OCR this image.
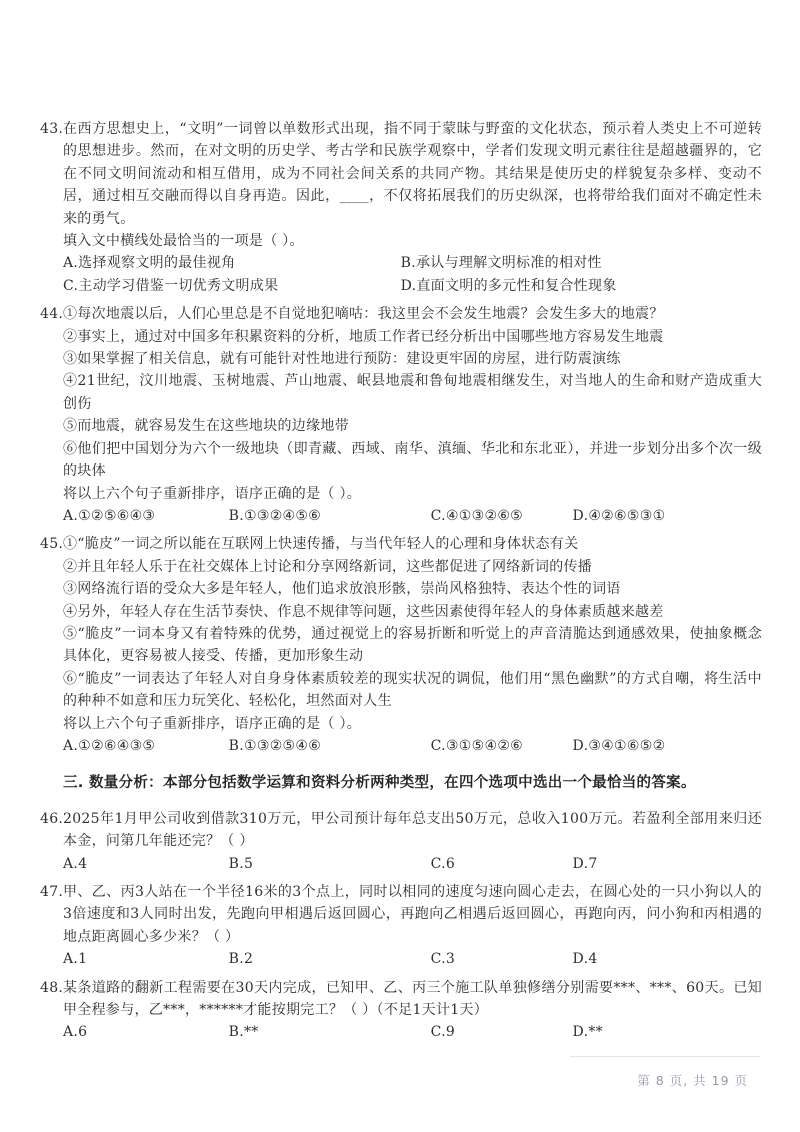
43. 在西方思想史上，“文明”一词曾以单数形式出现，指不同于蒙昧与野蛮的文化状态，预示着人类史上不可逆转的思想进步。然而，在对文明的历史学、考古学和民族学观察中，学者们发现文明元素往往是超越疆界的，它在不同文明间流动和相互借用，成为不同社会间关系的共同产物。其结果是使历史的样貌复杂多样、变动不居，通过相互交融而得以自身再造。因此，____，不仅将拓展我们的历史纵深，也将带给我们面对不确定性未来的勇气。

填入文中横线处最恰当的一项是（ ）。

A.选择观察文明的最佳视角	B.承认与理解文明标准的相对性
C.主动学习借鉴一切优秀文明成果	D.直面文明的多元性和复合性现象
44. ①每次地震以后，人们心里总是不自觉地犯嘀咕：我这里会不会发生地震？会发生多大的地震？

②事实上，通过对中国多年积累资料的分析，地质工作者已经分析出中国哪些地方容易发生地震

③如果掌握了相关信息，就有可能针对性地进行预防：建设更牢固的房屋，进行防震演练

④21世纪，汶川地震、玉树地震、芦山地震、岷县地震和鲁甸地震相继发生，对当地人的生命和财产造成重大创伤

⑤而地震，就容易发生在这些地块的边缘地带

⑥他们把中国划分为六个一级地块（即青藏、西域、南华、滇缅、华北和东北亚），并进一步划分出多个次一级的块体

将以上六个句子重新排序，语序正确的是（ ）。

A.①②⑤⑥④③	B.①③②④⑤⑥	C.④①③②⑥⑤	D.④②⑥⑤③①
45. ①“脆皮”一词之所以能在互联网上快速传播，与当代年轻人的心理和身体状态有关

②并且年轻人乐于在社交媒体上讨论和分享网络新词，这些都促进了网络新词的传播

③网络流行语的受众大多是年轻人，他们追求放浪形骸，崇尚风格独特、表达个性的词语

④另外，年轻人存在生活节奏快、作息不规律等问题，这些因素使得年轻人的身体素质越来越差

⑤“脆皮”一词本身又有着特殊的优势，通过视觉上的容易折断和听觉上的声音清脆达到通感效果，使抽象概念具体化，更容易被人接受、传播，更加形象生动

⑥“脆皮”一词表达了年轻人对自身身体素质较差的现实状况的调侃，他们用“黑色幽默”的方式自嘲，将生活中的种种不如意和压力玩笑化、轻松化，坦然面对人生

将以上六个句子重新排序，语序正确的是（ ）。

A.①②⑥④③⑤	B.①③②⑤④⑥	C.③①⑤④②⑥	D.③④①⑥⑤②
三. 数量分析：本部分包括数学运算和资料分析两种类型，在四个选项中选出一个最恰当的答案。
46. 2025年1月甲公司收到借款310万元，甲公司预计每年总支出50万元，总收入100万元。若盈利全部用来归还本金，问第几年能还完？（ ）

A.4	B.5	C.6	D.7
47. 甲、乙、丙3人站在一个半径16米的3个点上，同时以相同的速度匀速向圆心走去，在圆心处的一只小狗以人的3倍速度和3人同时出发，先跑向甲相遇后返回圆心，再跑向乙相遇后返回圆心，再跑向丙，问小狗和丙相遇的地点距离圆心多少米？（ ）

A.1	B.2	C.3	D.4
48. 某条道路的翻新工程需要在30天内完成，已知甲、乙、丙三个施工队单独修缮分别需要***、***、60天。已知甲全程参与，乙***，******才能按期完工？（ ）（不足1天计1天）

A.6	B.**	C.9	D.**
第 8 页, 共 19 页
